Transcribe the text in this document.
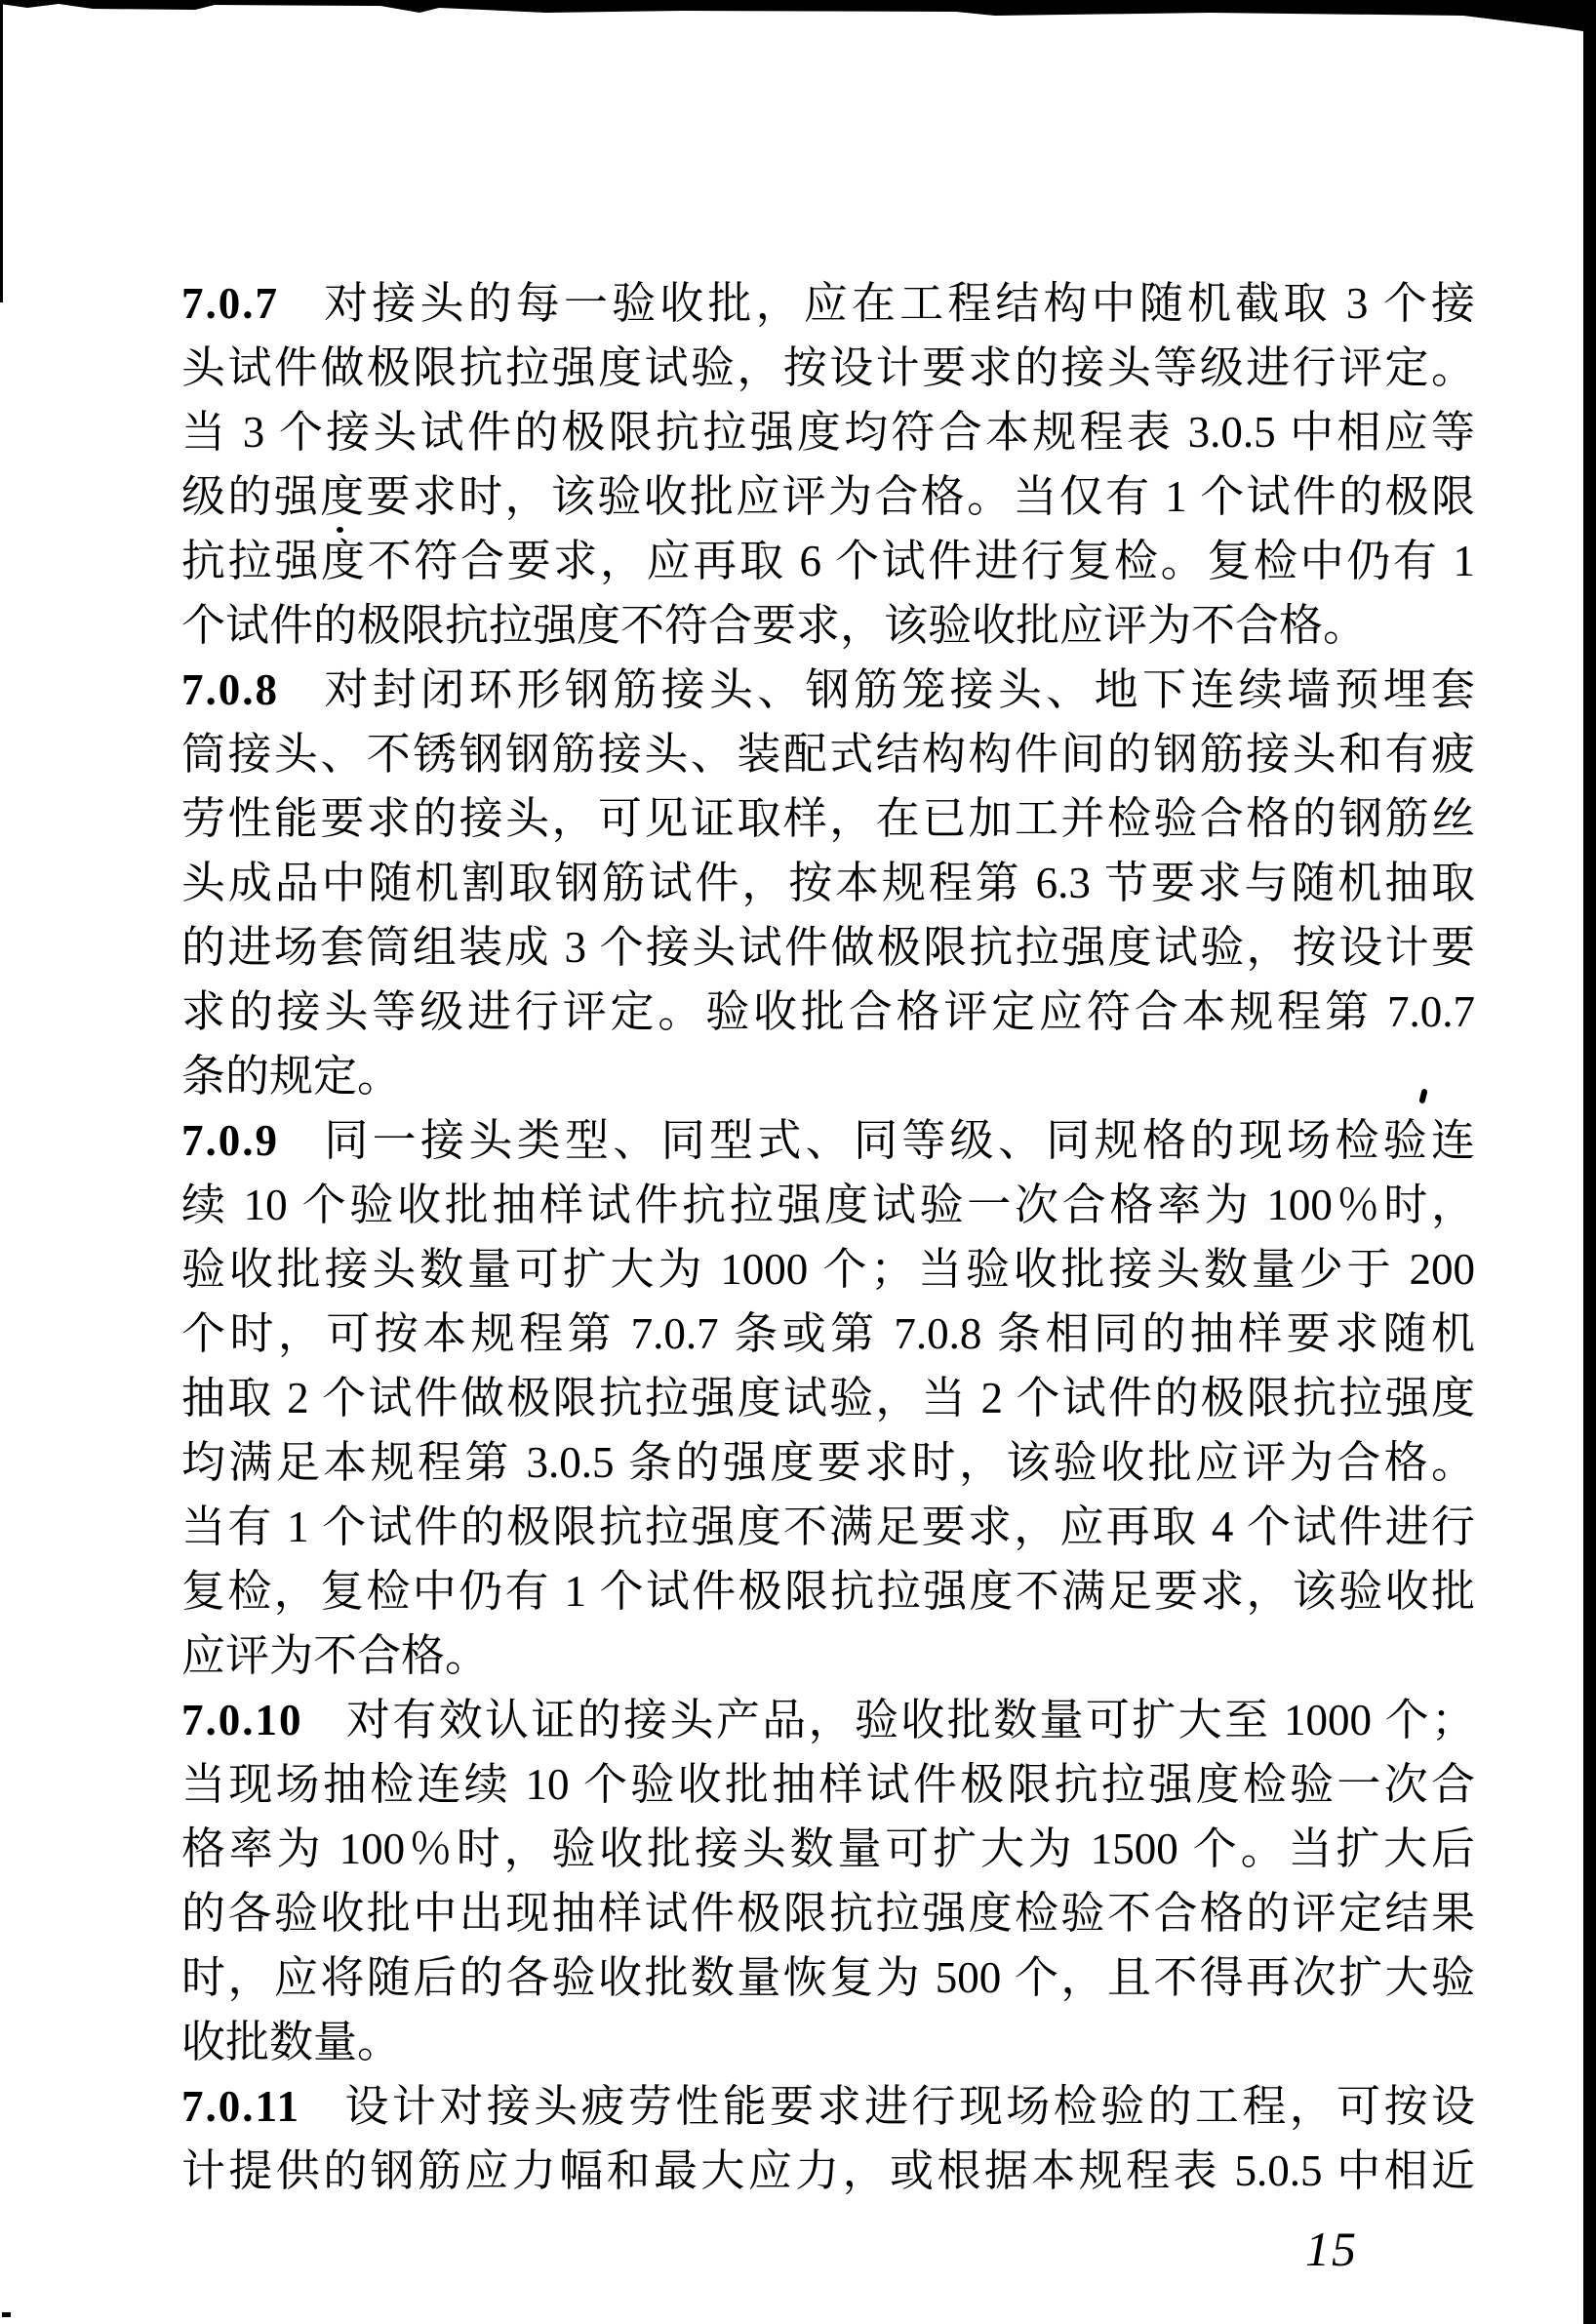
7.0.7 对接头的每一验收批，应在工程结构中随机截取 3 个接
头试件做极限抗拉强度试验，按设计要求的接头等级进行评定。
当 3 个接头试件的极限抗拉强度均符合本规程表 3.0.5 中相应等
级的强度要求时，该验收批应评为合格。当仅有 1 个试件的极限
抗拉强度不符合要求，应再取 6 个试件进行复检。复检中仍有 1
个试件的极限抗拉强度不符合要求，该验收批应评为不合格。
7.0.8 对封闭环形钢筋接头、钢筋笼接头、地下连续墙预埋套
筒接头、不锈钢钢筋接头、装配式结构构件间的钢筋接头和有疲
劳性能要求的接头，可见证取样，在已加工并检验合格的钢筋丝
头成品中随机割取钢筋试件，按本规程第 6.3 节要求与随机抽取
的进场套筒组装成 3 个接头试件做极限抗拉强度试验，按设计要
求的接头等级进行评定。验收批合格评定应符合本规程第 7.0.7
条的规定。
7.0.9 同一接头类型、同型式、同等级、同规格的现场检验连
续 10 个验收批抽样试件抗拉强度试验一次合格率为 100％时，
验收批接头数量可扩大为 1000 个；当验收批接头数量少于 200
个时，可按本规程第 7.0.7 条或第 7.0.8 条相同的抽样要求随机
抽取 2 个试件做极限抗拉强度试验，当 2 个试件的极限抗拉强度
均满足本规程第 3.0.5 条的强度要求时，该验收批应评为合格。
当有 1 个试件的极限抗拉强度不满足要求，应再取 4 个试件进行
复检，复检中仍有 1 个试件极限抗拉强度不满足要求，该验收批
应评为不合格。
7.0.10 对有效认证的接头产品，验收批数量可扩大至 1000 个；
当现场抽检连续 10 个验收批抽样试件极限抗拉强度检验一次合
格率为 100％时，验收批接头数量可扩大为 1500 个。当扩大后
的各验收批中出现抽样试件极限抗拉强度检验不合格的评定结果
时，应将随后的各验收批数量恢复为 500 个，且不得再次扩大验
收批数量。
7.0.11 设计对接头疲劳性能要求进行现场检验的工程，可按设
计提供的钢筋应力幅和最大应力，或根据本规程表 5.0.5 中相近
15
